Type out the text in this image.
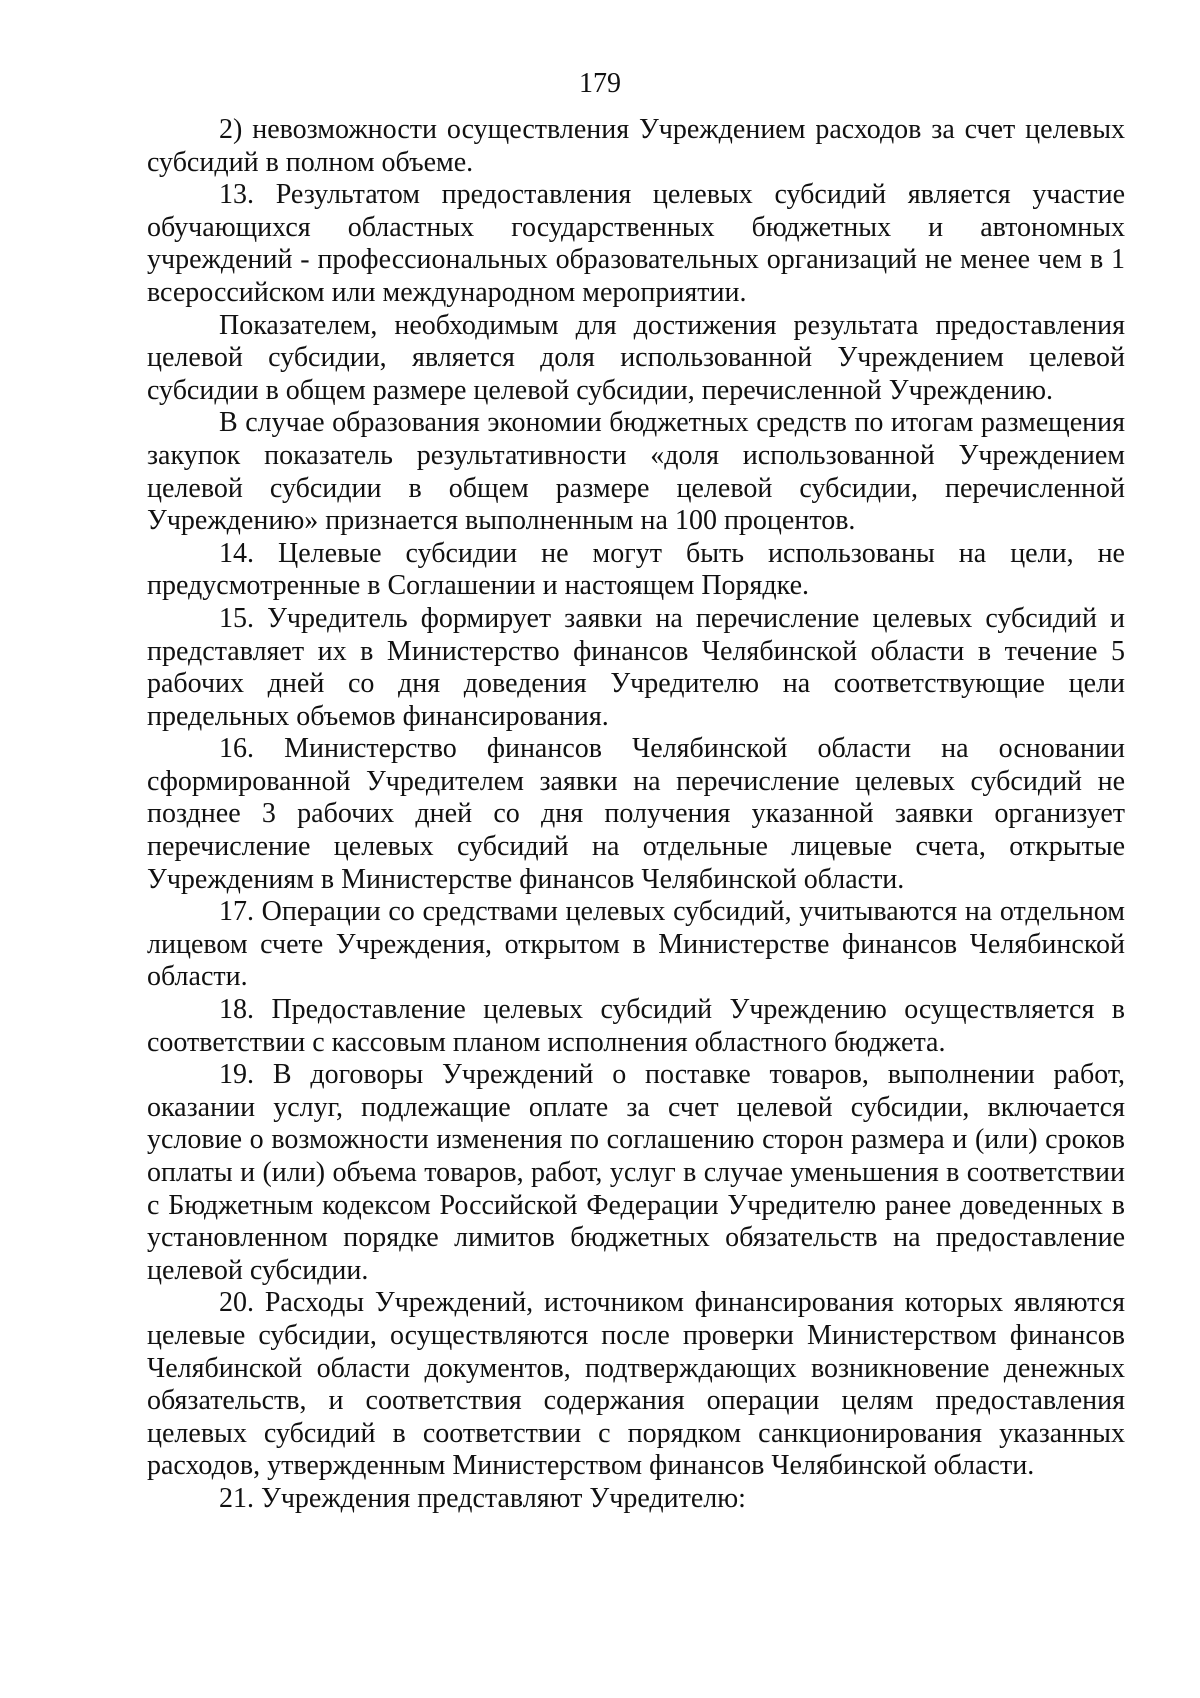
179

2) невозможности осуществления Учреждением расходов за счет целевых субсидий в полном объеме.

13. Результатом предоставления целевых субсидий является участие обучающихся областных государственных бюджетных и автономных учреждений - профессиональных образовательных организаций не менее чем в 1 всероссийском или международном мероприятии.

Показателем, необходимым для достижения результата предоставления целевой субсидии, является доля использованной Учреждением целевой субсидии в общем размере целевой субсидии, перечисленной Учреждению.

В случае образования экономии бюджетных средств по итогам размещения закупок показатель результативности «доля использованной Учреждением целевой субсидии в общем размере целевой субсидии, перечисленной Учреждению» признается выполненным на 100 процентов.

14. Целевые субсидии не могут быть использованы на цели, не предусмотренные в Соглашении и настоящем Порядке.

15. Учредитель формирует заявки на перечисление целевых субсидий и представляет их в Министерство финансов Челябинской области в течение 5 рабочих дней со дня доведения Учредителю на соответствующие цели предельных объемов финансирования.

16. Министерство финансов Челябинской области на основании сформированной Учредителем заявки на перечисление целевых субсидий не позднее 3 рабочих дней со дня получения указанной заявки организует перечисление целевых субсидий на отдельные лицевые счета, открытые Учреждениям в Министерстве финансов Челябинской области.

17. Операции со средствами целевых субсидий, учитываются на отдельном лицевом счете Учреждения, открытом в Министерстве финансов Челябинской области.

18. Предоставление целевых субсидий Учреждению осуществляется в соответствии с кассовым планом исполнения областного бюджета.

19. В договоры Учреждений о поставке товаров, выполнении работ, оказании услуг, подлежащие оплате за счет целевой субсидии, включается условие о возможности изменения по соглашению сторон размера и (или) сроков оплаты и (или) объема товаров, работ, услуг в случае уменьшения в соответствии с Бюджетным кодексом Российской Федерации Учредителю ранее доведенных в установленном порядке лимитов бюджетных обязательств на предоставление целевой субсидии.

20. Расходы Учреждений, источником финансирования которых являются целевые субсидии, осуществляются после проверки Министерством финансов Челябинской области документов, подтверждающих возникновение денежных обязательств, и соответствия содержания операции целям предоставления целевых субсидий в соответствии с порядком санкционирования указанных расходов, утвержденным Министерством финансов Челябинской области.

21. Учреждения представляют Учредителю:
